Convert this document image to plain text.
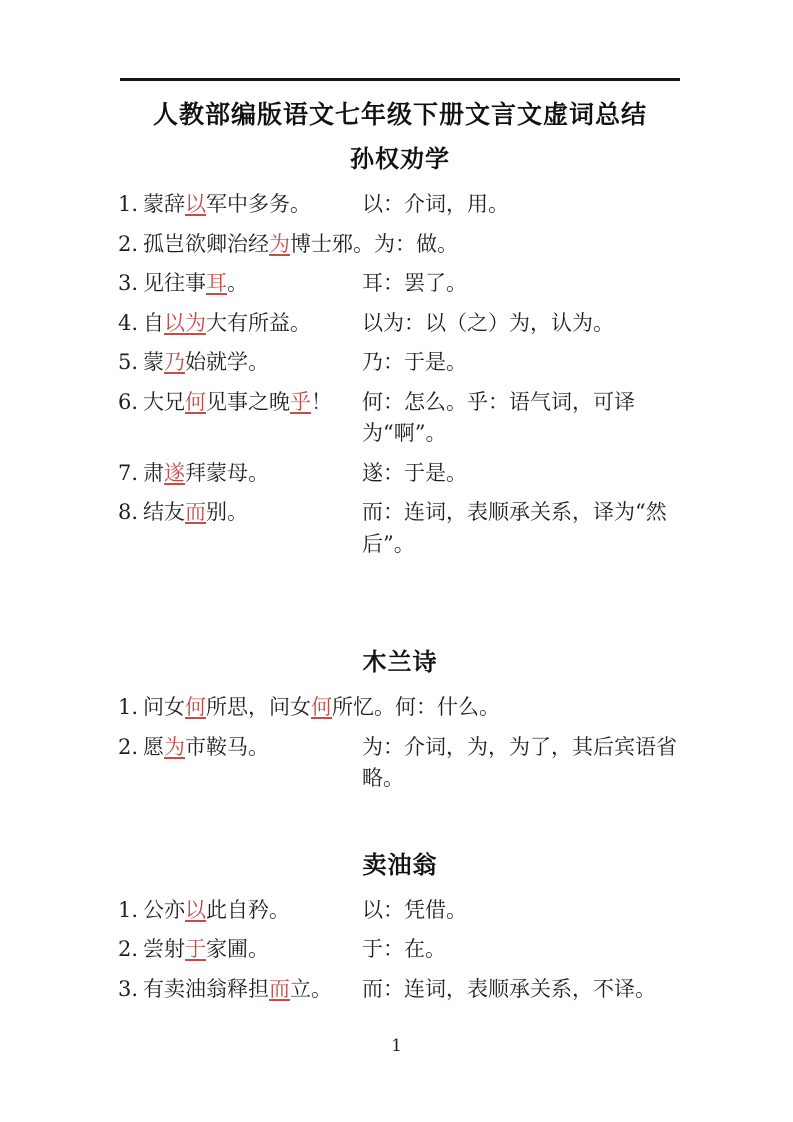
人教部编版语文七年级下册文言文虚词总结
孙权劝学
1. 蒙辞以军中多务。	以：介词，用。
2. 孤岂欲卿治经为博士邪。 为：做。
3. 见往事耳。	耳：罢了。
4. 自以为大有所益。	以为：以（之）为，认为。
5. 蒙乃始就学。	乃：于是。
6. 大兄何见事之晚乎！	何：怎么。乎：语气词，可译为“啊”。
7. 肃遂拜蒙母。	遂：于是。
8. 结友而别。	而：连词，表顺承关系，译为“然后”。
木兰诗
1. 问女何所思，问女何所忆。 何：什么。
2. 愿为市鞍马。	为：介词，为，为了，其后宾语省略。
卖油翁
1. 公亦以此自矜。	以：凭借。
2. 尝射于家圃。	于：在。
3. 有卖油翁释担而立。	而：连词，表顺承关系，不译。
1
